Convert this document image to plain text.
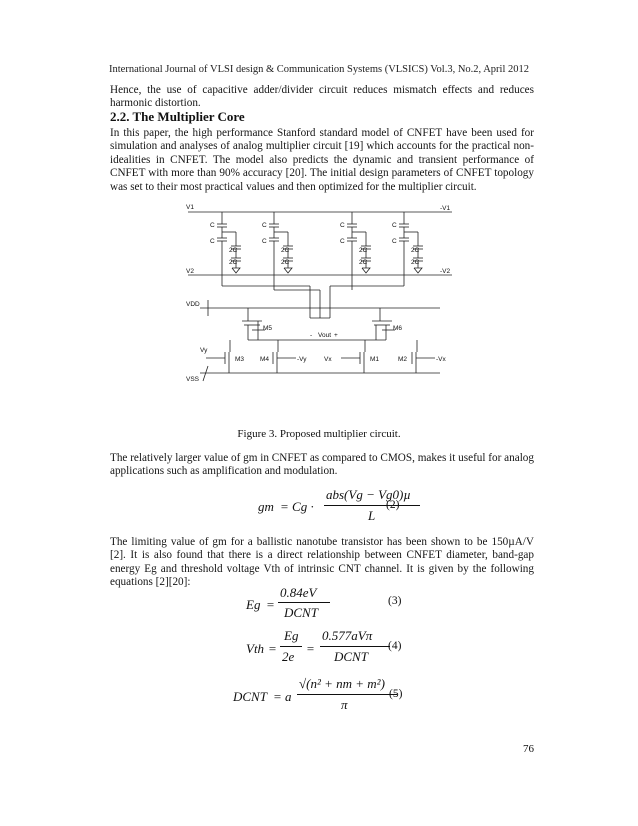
International Journal of VLSI design & Communication Systems (VLSICS) Vol.3, No.2, April 2012
Hence, the use of capacitive adder/divider circuit reduces mismatch effects and reduces harmonic distortion.
2.2. The Multiplier Core
In this paper, the high performance Stanford standard model of CNFET have been used for simulation and analyses of analog multiplier circuit [19] which accounts for the practical non-idealities in CNFET. The model also predicts the dynamic and transient performance of CNFET with more than 90% accuracy [20]. The initial design parameters of CNFET topology was set to their most practical values and then optimized for the multiplier circuit.
V1	-V1
V2	-V2
VDD
VSS
C	C	C	C
C	C	C	C
2C	2C	2C	2C
2C	2C	2C	2C
M5	M6
- Vout +
Vy
M3 M4	-Vy	Vx	M1	M2	-Vx
Figure 3. Proposed multiplier circuit.
The relatively larger value of gm in CNFET as compared to CMOS, makes it useful for analog applications such as amplification and modulation.
gm = Cg ·
abs(Vg − Vg0)µ
L
(2)
The limiting value of gm for a ballistic nanotube transistor has been shown to be 150µA/V [2]. It is also found that there is a direct relationship between CNFET diameter, band-gap energy Eg and threshold voltage Vth of intrinsic CNT channel. It is given by the following equations [2][20]:
Eg =
0.84eV
DCNT
(3)
Vth =
Eg
2e
=
0.577aVπ
DCNT
(4)
DCNT = a
√(n² + nm + m²)
π
(5)
76
